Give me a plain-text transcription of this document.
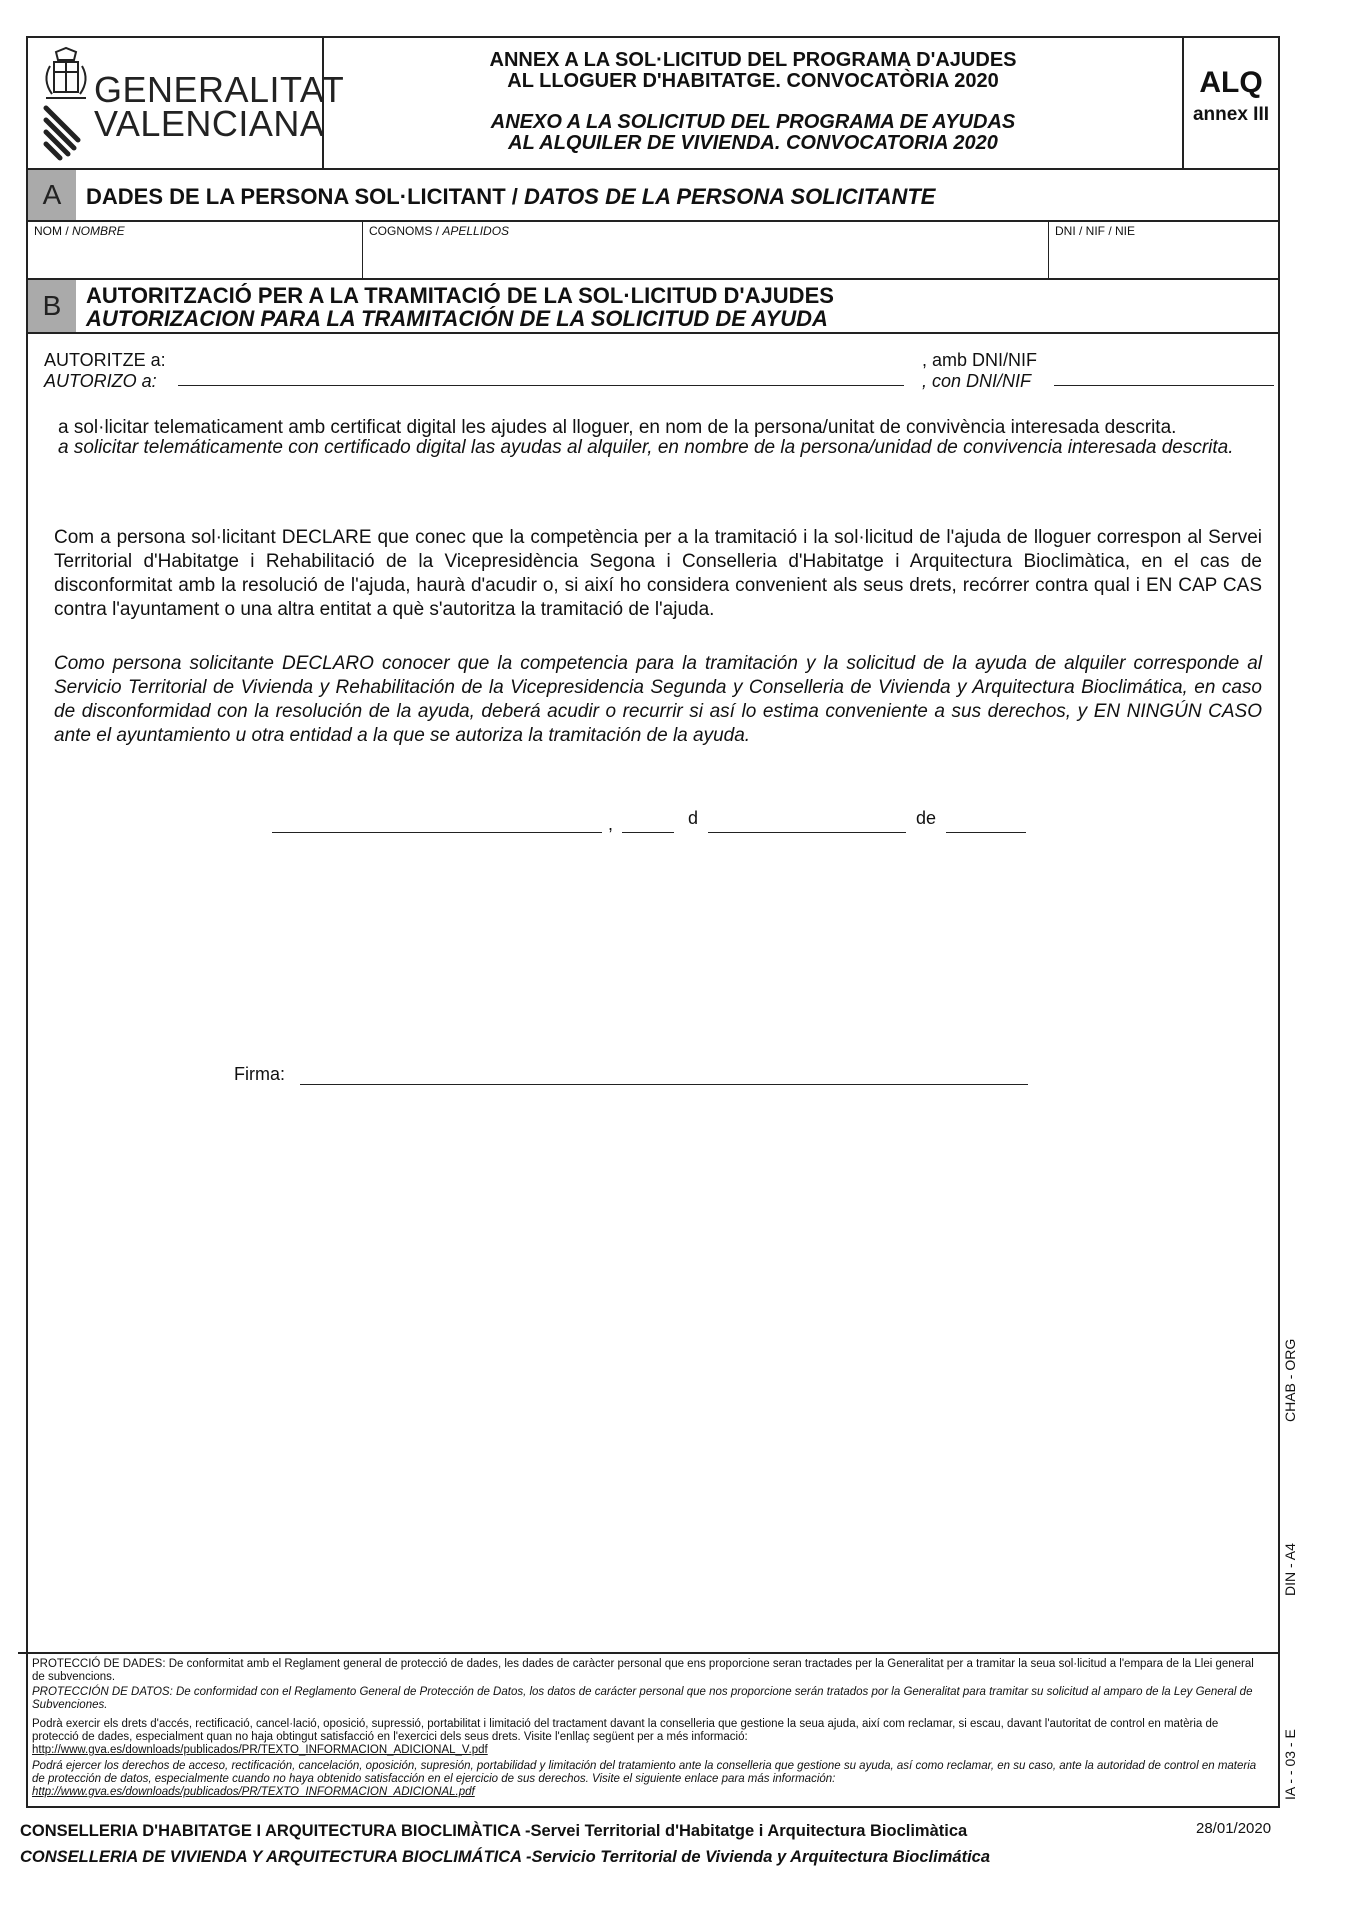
GENERALITAT
VALENCIANA
ANNEX A LA SOL·LICITUD DEL PROGRAMA D'AJUDES
AL LLOGUER D'HABITATGE. CONVOCATÒRIA 2020
ANEXO A LA SOLICITUD DEL PROGRAMA DE AYUDAS
AL ALQUILER DE VIVIENDA. CONVOCATORIA 2020
ALQ
annex III
A	DADES DE LA PERSONA SOL·LICITANT / DATOS DE LA PERSONA SOLICITANTE
NOM / NOMBRE	COGNOMS / APELLIDOS	DNI / NIF / NIE
B	AUTORITZACIÓ PER A LA TRAMITACIÓ DE LA SOL·LICITUD D'AJUDES
AUTORIZACION PARA LA TRAMITACIÓN DE LA SOLICITUD DE AYUDA
AUTORITZE a:
AUTORIZO a:
, amb DNI/NIF
, con DNI/NIF
a sol·licitar telematicament amb certificat digital les ajudes al lloguer, en nom de la persona/unitat de convivència interesada descrita.
a solicitar telemáticamente con certificado digital las ayudas al alquiler, en nombre de la persona/unidad de convivencia interesada descrita.
Com a persona sol·licitant DECLARE que conec que la competència per a la tramitació i la sol·licitud de l'ajuda de lloguer correspon al Servei Territorial d'Habitatge i Rehabilitació de la Vicepresidència Segona i Conselleria d'Habitatge i Arquitectura Bioclimàtica, en el cas de disconformitat amb la resolució de l'ajuda, haurà d'acudir o, si així ho considera convenient als seus drets, recórrer contra qual i EN CAP CAS contra l'ayuntament o una altra entitat a què s'autoritza la tramitació de l'ajuda.
Como persona solicitante DECLARO conocer que la competencia para la tramitación y la solicitud de la ayuda de alquiler corresponde al Servicio Territorial de Vivienda y Rehabilitación de la Vicepresidencia Segunda y Conselleria de Vivienda y Arquitectura Bioclimática, en caso de disconformidad con la resolución de la ayuda, deberá acudir o recurrir si así lo estima conveniente a sus derechos, y EN NINGÚN CASO ante el ayuntamiento u otra entidad a la que se autoriza la tramitación de la ayuda.
,	d	de
Firma:
CHAB - ORG
DIN - A4
IA - - 03 - E
PROTECCIÓ DE DADES: De conformitat amb el Reglament general de protecció de dades, les dades de caràcter personal que ens proporcione seran tractades per la Generalitat per a tramitar la seua sol·licitud a l'empara de la Llei general de subvencions.
PROTECCIÓN DE DATOS: De conformidad con el Reglamento General de Protección de Datos, los datos de carácter personal que nos proporcione serán tratados por la Generalitat para tramitar su solicitud al amparo de la Ley General de Subvenciones.
Podrà exercir els drets d'accés, rectificació, cancel·lació, oposició, supressió, portabilitat i limitació del tractament davant la conselleria que gestione la seua ajuda, així com reclamar, si escau, davant l'autoritat de control en matèria de protecció de dades, especialment quan no haja obtingut satisfacció en l'exercici dels seus drets. Visite l'enllaç següent per a més informació:
http://www.gva.es/downloads/publicados/PR/TEXTO_INFORMACION_ADICIONAL_V.pdf
Podrá ejercer los derechos de acceso, rectificación, cancelación, oposición, supresión, portabilidad y limitación del tratamiento ante la conselleria que gestione su ayuda, así como reclamar, en su caso, ante la autoridad de control en materia de protección de datos, especialmente cuando no haya obtenido satisfacción en el ejercicio de sus derechos. Visite el siguiente enlace para más información:
http://www.gva.es/downloads/publicados/PR/TEXTO_INFORMACION_ADICIONAL.pdf
CONSELLERIA D'HABITATGE I ARQUITECTURA BIOCLIMÀTICA -Servei Territorial d'Habitatge i Arquitectura Bioclimàtica	28/01/2020
CONSELLERIA DE VIVIENDA Y ARQUITECTURA BIOCLIMÁTICA -Servicio Territorial de Vivienda y Arquitectura Bioclimática
